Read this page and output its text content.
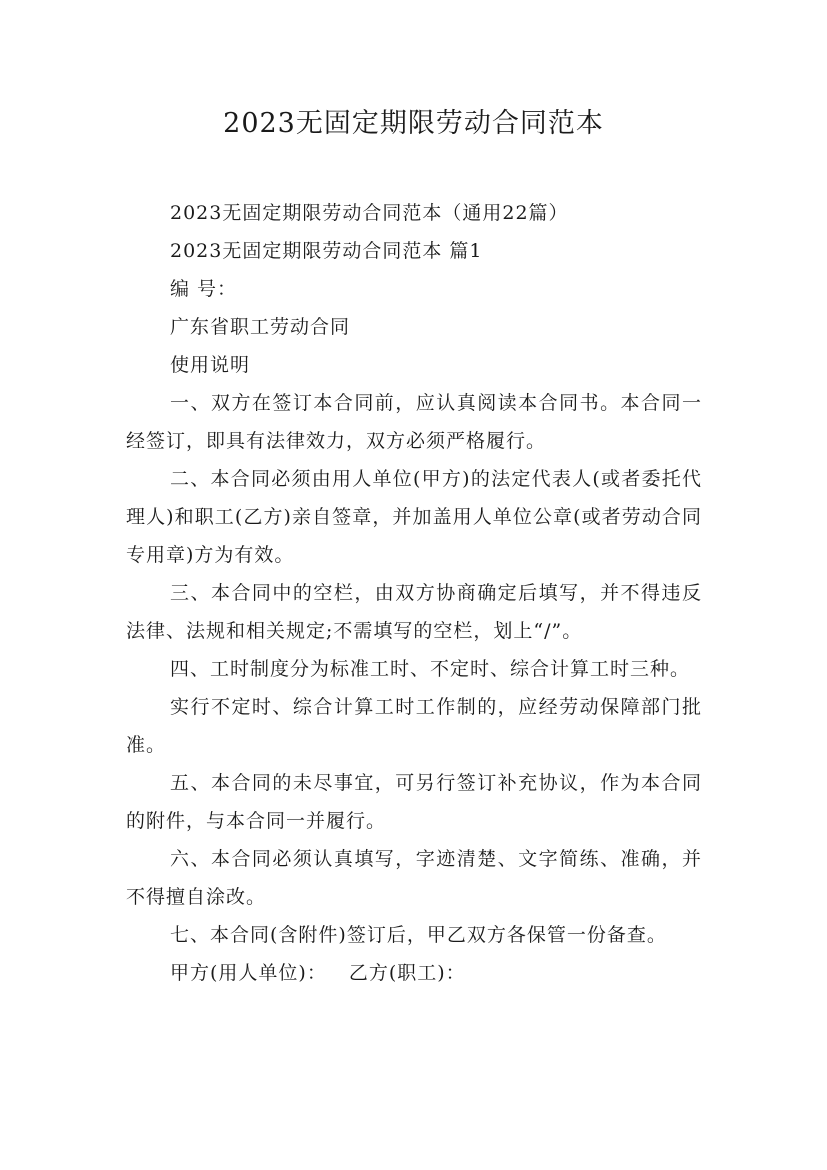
2023无固定期限劳动合同范本

2023无固定期限劳动合同范本（通用22篇）

2023无固定期限劳动合同范本 篇1

编 号：

广东省职工劳动合同

使用说明

一、双方在签订本合同前，应认真阅读本合同书。本合同一经签订，即具有法律效力，双方必须严格履行。

二、本合同必须由用人单位(甲方)的法定代表人(或者委托代理人)和职工(乙方)亲自签章，并加盖用人单位公章(或者劳动合同专用章)方为有效。

三、本合同中的空栏，由双方协商确定后填写，并不得违反法律、法规和相关规定;不需填写的空栏，划上“/”。

四、工时制度分为标准工时、不定时、综合计算工时三种。

实行不定时、综合计算工时工作制的，应经劳动保障部门批准。

五、本合同的未尽事宜，可另行签订补充协议，作为本合同的附件，与本合同一并履行。

六、本合同必须认真填写，字迹清楚、文字简练、准确，并不得擅自涂改。

七、本合同(含附件)签订后，甲乙双方各保管一份备查。

甲方(用人单位)： 乙方(职工)：
